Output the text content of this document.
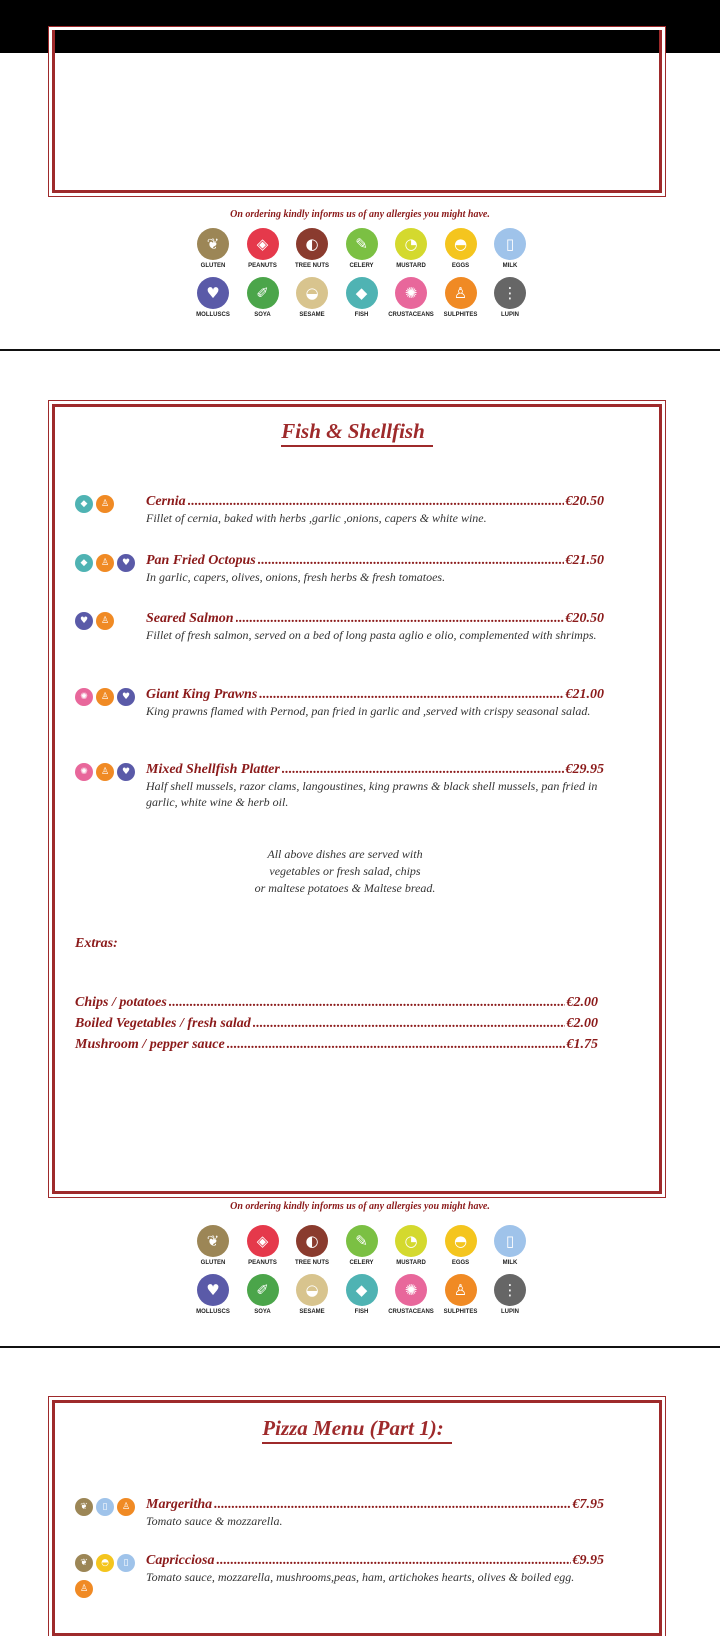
On ordering kindly informs us of any allergies you might have.
❦
GLUTEN
◈
PEANUTS
◐
TREE NUTS
✎
CELERY
◔
MUSTARD
◓
EGGS
▯
MILK
♥
MOLLUSCS
✐
SOYA
◒
SESAME
◆
FISH
✺
CRUSTACEANS
♙
SULPHITES
⋮
LUPIN
Fish & Shellfish
◆	♙	Cernia .....	€20.50
Fillet of cernia, baked with herbs ,garlic ,onions, capers & white wine.
◆	♙	♥	Pan Fried Octopus .....	€21.50
In garlic, capers, olives, onions, fresh herbs & fresh tomatoes.
♥	♙	Seared Salmon .....	€20.50
Fillet of fresh salmon, served on a bed of long pasta aglio e olio, complemented with shrimps.
✺	♙	♥	Giant King Prawns .....	€21.00
King prawns flamed with Pernod, pan fried in garlic and ,served with crispy seasonal salad.
✺	♙	♥	Mixed Shellfish Platter .....	€29.95
Half shell mussels, razor clams, langoustines, king prawns & black shell mussels, pan fried in garlic, white wine & herb oil.
All above dishes are served with
vegetables or fresh salad, chips
or maltese potatoes & Maltese bread.
Extras:
Chips / potatoes .....	€2.00
Boiled Vegetables / fresh salad .....	€2.00
Mushroom / pepper sauce .....	€1.75
On ordering kindly informs us of any allergies you might have.
❦
GLUTEN
◈
PEANUTS
◐
TREE NUTS
✎
CELERY
◔
MUSTARD
◓
EGGS
▯
MILK
♥
MOLLUSCS
✐
SOYA
◒
SESAME
◆
FISH
✺
CRUSTACEANS
♙
SULPHITES
⋮
LUPIN
Pizza Menu (Part 1):
❦	▯	♙	Margeritha .....	€7.95
Tomato sauce & mozzarella.
❦	◓	▯
♙
Capricciosa .....	€9.95
Tomato sauce, mozzarella, mushrooms,peas, ham, artichokes hearts, olives & boiled egg.
